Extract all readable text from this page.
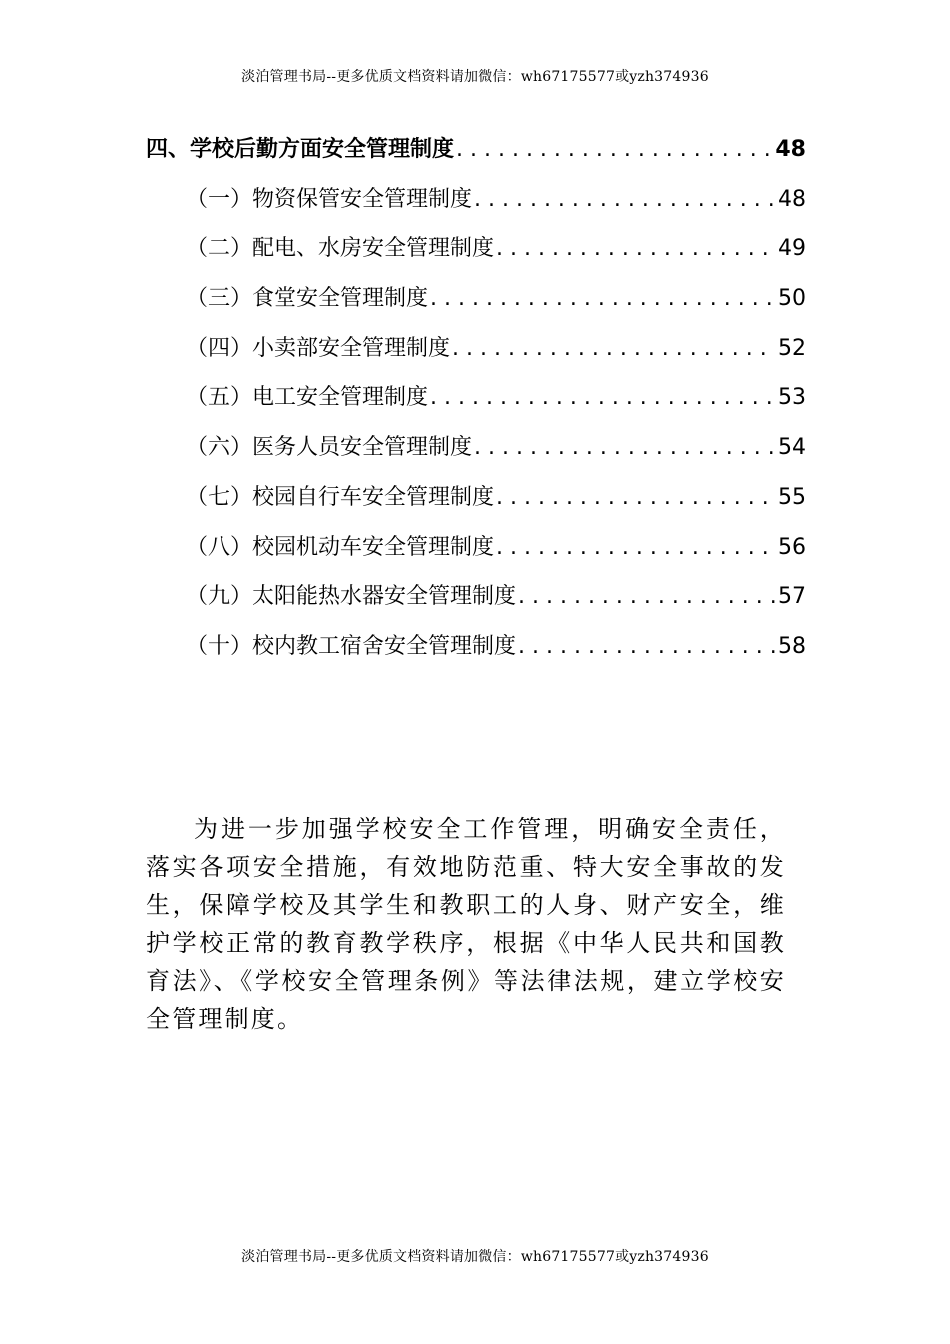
淡泊管理书局--更多优质文档资料请加微信：wh67175577或yzh374936
四、学校后勤方面安全管理制度 . . .	48
（一）物资保管安全管理制度 . . .	48
（二）配电、水房安全管理制度 . . .	49
（三）食堂安全管理制度 . . .	50
（四）小卖部安全管理制度 . . .	52
（五）电工安全管理制度 . . .	53
（六）医务人员安全管理制度 . . .	54
（七）校园自行车安全管理制度 . . .	55
（八）校园机动车安全管理制度 . . .	56
（九）太阳能热水器安全管理制度 . . .	57
（十）校内教工宿舍安全管理制度 . . .	58

为进一步加强学校安全工作管理，明确安全责任，落实各项安全措施，有效地防范重、特大安全事故的发生，保障学校及其学生和教职工的人身、财产安全，维护学校正常的教育教学秩序，根据《中华人民共和国教育法》、《学校安全管理条例》等法律法规，建立学校安全管理制度。

淡泊管理书局--更多优质文档资料请加微信：wh67175577或yzh374936
